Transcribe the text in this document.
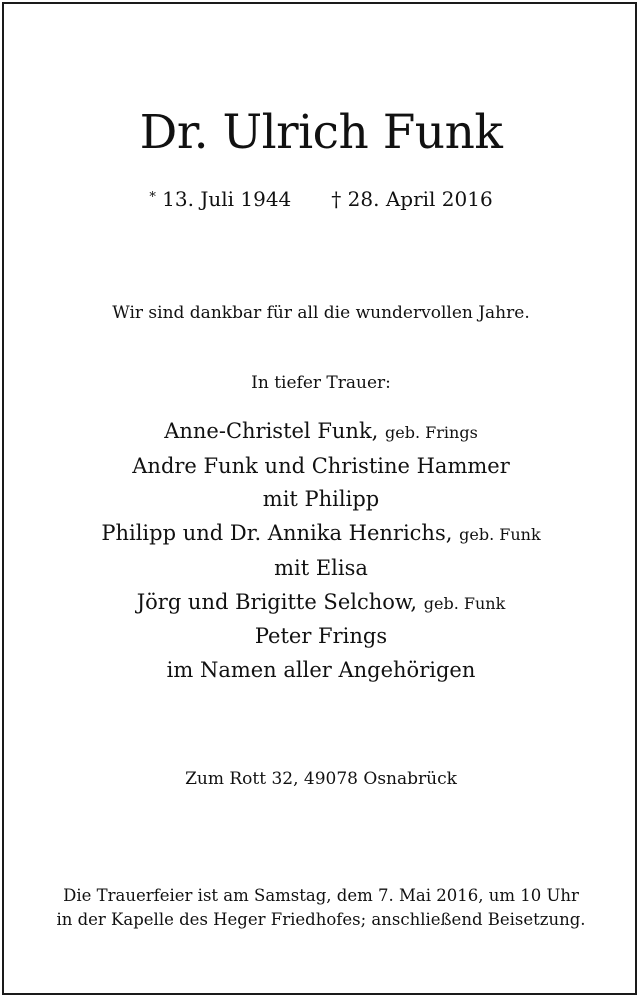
Dr. Ulrich Funk
* 13. Juli 1944 † 28. April 2016
Wir sind dankbar für all die wundervollen Jahre.
In tiefer Trauer:
Anne-Christel Funk, geb. Frings
Andre Funk und Christine Hammer
mit Philipp
Philipp und Dr. Annika Henrichs, geb. Funk
mit Elisa
Jörg und Brigitte Selchow, geb. Funk
Peter Frings
im Namen aller Angehörigen
Zum Rott 32, 49078 Osnabrück
Die Trauerfeier ist am Samstag, dem 7. Mai 2016, um 10 Uhr
in der Kapelle des Heger Friedhofes; anschließend Beisetzung.
